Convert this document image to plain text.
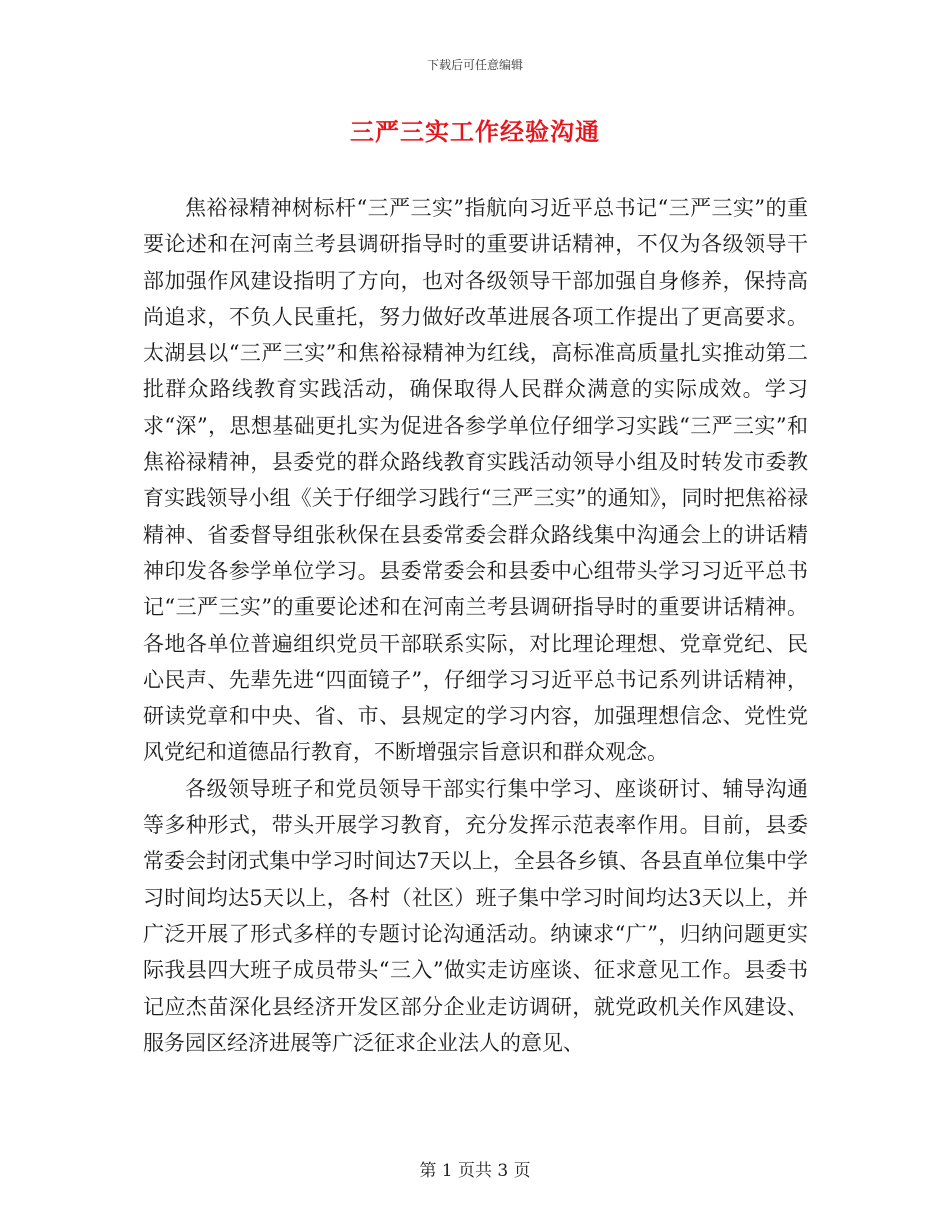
下载后可任意编辑
三严三实工作经验沟通

焦裕禄精神树标杆“三严三实”指航向习近平总书记“三严三实”的重要论述和在河南兰考县调研指导时的重要讲话精神，不仅为各级领导干部加强作风建设指明了方向，也对各级领导干部加强自身修养，保持高尚追求，不负人民重托，努力做好改革进展各项工作提出了更高要求。太湖县以“三严三实”和焦裕禄精神为红线，高标准高质量扎实推动第二批群众路线教育实践活动，确保取得人民群众满意的实际成效。学习求“深”，思想基础更扎实为促进各参学单位仔细学习实践“三严三实”和焦裕禄精神，县委党的群众路线教育实践活动领导小组及时转发市委教育实践领导小组《关于仔细学习践行“三严三实”的通知》，同时把焦裕禄精神、省委督导组张秋保在县委常委会群众路线集中沟通会上的讲话精神印发各参学单位学习。县委常委会和县委中心组带头学习习近平总书记“三严三实”的重要论述和在河南兰考县调研指导时的重要讲话精神。各地各单位普遍组织党员干部联系实际，对比理论理想、党章党纪、民心民声、先辈先进“四面镜子”，仔细学习习近平总书记系列讲话精神，研读党章和中央、省、市、县规定的学习内容，加强理想信念、党性党风党纪和道德品行教育，不断增强宗旨意识和群众观念。

各级领导班子和党员领导干部实行集中学习、座谈研讨、辅导沟通等多种形式，带头开展学习教育，充分发挥示范表率作用。目前，县委常委会封闭式集中学习时间达7天以上，全县各乡镇、各县直单位集中学习时间均达5天以上，各村（社区）班子集中学习时间均达3天以上，并广泛开展了形式多样的专题讨论沟通活动。纳谏求“广”，归纳问题更实际我县四大班子成员带头“三入”做实走访座谈、征求意见工作。县委书记应杰苗深化县经济开发区部分企业走访调研，就党政机关作风建设、服务园区经济进展等广泛征求企业法人的意见、

第 1 页共 3 页
